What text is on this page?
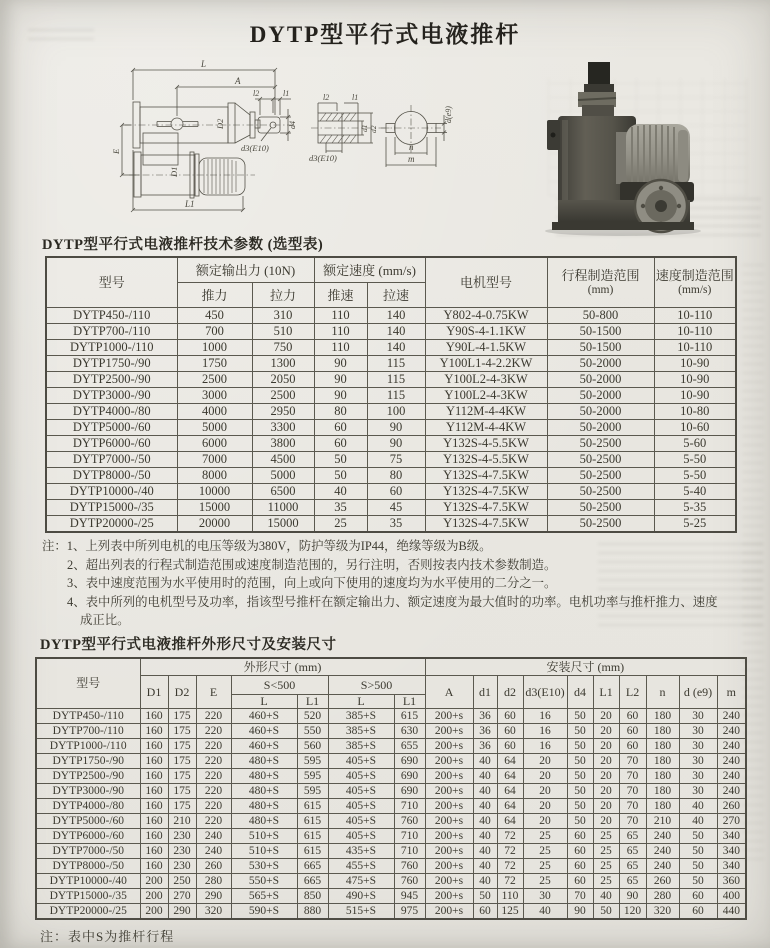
DYTP型平行式电液推杆
L
A
l2	l1
d4
d3(E10)
D2
D1
E
L1
l2	l1
d1 d2
d3(E10)
d(e9)
n
m
DYTP型平行式电液推杆技术参数 (选型表)
型号	额定输出力 (10N)	额定速度 (mm/s)	电机型号	行程制造范围
(mm)

速度制造范围
(mm/s)

	推力	拉力	推速	拉速			
DYTP450-/110	450	310	110	140	Y802-4-0.75KW	50-800	10-110
DYTP700-/110	700	510	110	140	Y90S-4-1.1KW	50-1500	10-110
DYTP1000-/110	1000	750	110	140	Y90L-4-1.5KW	50-1500	10-110
DYTP1750-/90	1750	1300	90	115	Y100L1-4-2.2KW	50-2000	10-90
DYTP2500-/90	2500	2050	90	115	Y100L2-4-3KW	50-2000	10-90
DYTP3000-/90	3000	2500	90	115	Y100L2-4-3KW	50-2000	10-90
DYTP4000-/80	4000	2950	80	100	Y112M-4-4KW	50-2000	10-80
DYTP5000-/60	5000	3300	60	90	Y112M-4-4KW	50-2000	10-60
DYTP6000-/60	6000	3800	60	90	Y132S-4-5.5KW	50-2500	5-60
DYTP7000-/50	7000	4500	50	75	Y132S-4-5.5KW	50-2500	5-50
DYTP8000-/50	8000	5000	50	80	Y132S-4-7.5KW	50-2500	5-50
DYTP10000-/40	10000	6500	40	60	Y132S-4-7.5KW	50-2500	5-40
DYTP15000-/35	15000	11000	35	45	Y132S-4-7.5KW	50-2500	5-35
DYTP20000-/25	20000	15000	25	35	Y132S-4-7.5KW	50-2500	5-25
注：1、上列表中所列电机的电压等级为380V，防护等级为IP44，绝缘等级为B级。
2、超出列表的行程式制造范围或速度制造范围的，另行注明，否则按表内技术参数制造。
3、表中速度范围为水平使用时的范围，向上或向下使用的速度均为水平使用的二分之一。
4、表中所列的电机型号及功率，指该型号推杆在额定输出力、额定速度为最大值时的功率。电机功率与推杆推力、速度成正比。
DYTP型平行式电液推杆外形尺寸及安装尺寸
型号	外形尺寸 (mm)							安装尺寸 (mm)									
	D1	D2	E	S<500		S>500		A	d1	d2	d3(E10)	d4	L1	L2	n	d (e9)	m
				L	L1	L	L1										
DYTP450-/110	160	175	220	460+S	520	385+S	615	200+s	36	60	16	50	20	60	180	30	240
DYTP700-/110	160	175	220	460+S	550	385+S	630	200+s	36	60	16	50	20	60	180	30	240
DYTP1000-/110	160	175	220	460+S	560	385+S	655	200+s	36	60	16	50	20	60	180	30	240
DYTP1750-/90	160	175	220	480+S	595	405+S	690	200+s	40	64	20	50	20	70	180	30	240
DYTP2500-/90	160	175	220	480+S	595	405+S	690	200+s	40	64	20	50	20	70	180	30	240
DYTP3000-/90	160	175	220	480+S	595	405+S	690	200+s	40	64	20	50	20	70	180	30	240
DYTP4000-/80	160	175	220	480+S	615	405+S	710	200+s	40	64	20	50	20	70	180	40	260
DYTP5000-/60	160	210	220	480+S	615	405+S	760	200+s	40	64	20	50	20	70	210	40	270
DYTP6000-/60	160	230	240	510+S	615	405+S	710	200+s	40	72	25	60	25	65	240	50	340
DYTP7000-/50	160	230	240	510+S	615	435+S	710	200+s	40	72	25	60	25	65	240	50	340
DYTP8000-/50	160	230	260	530+S	665	455+S	760	200+s	40	72	25	60	25	65	240	50	340
DYTP10000-/40	200	250	280	550+S	665	475+S	760	200+s	40	72	25	60	25	65	260	50	360
DYTP15000-/35	200	270	290	565+S	850	490+S	945	200+s	50	110	30	70	40	90	280	60	400
DYTP20000-/25	200	290	320	590+S	880	515+S	975	200+s	60	125	40	90	50	120	320	60	440
注：表中S为推杆行程
